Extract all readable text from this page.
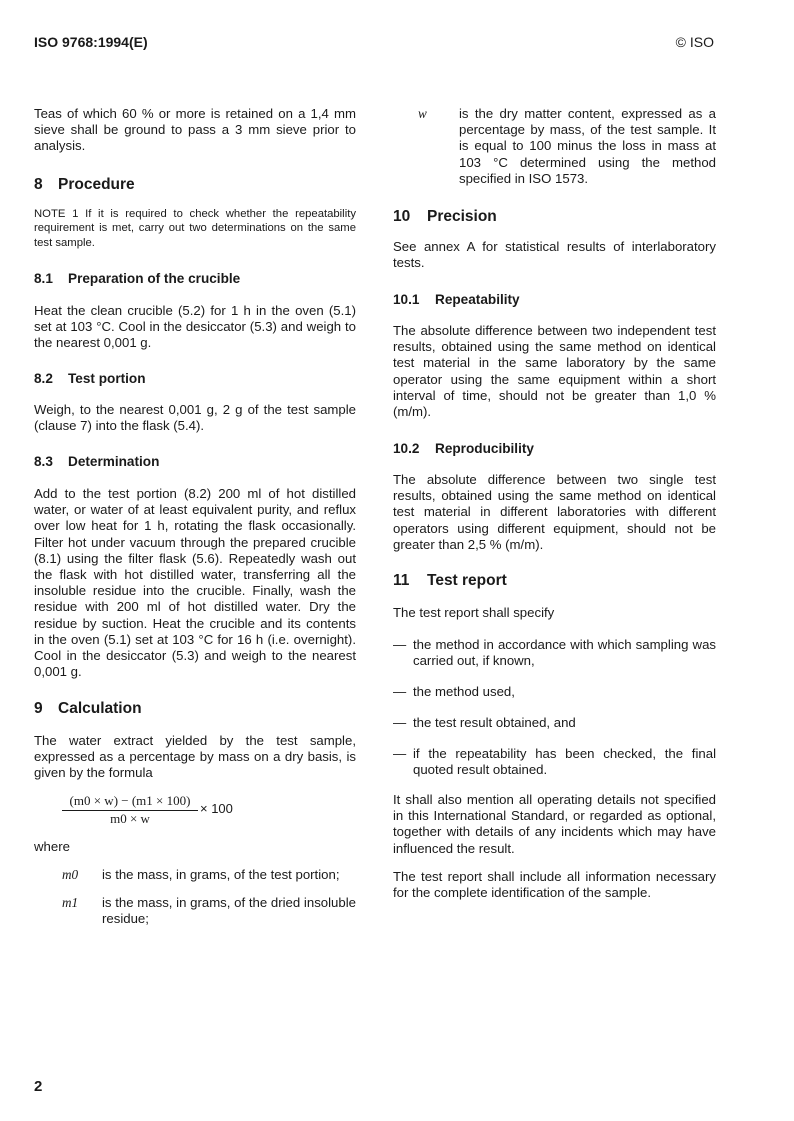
ISO 9768:1994(E)	© ISO

Teas of which 60 % or more is retained on a 1,4 mm sieve shall be ground to pass a 3 mm sieve prior to analysis.

8 Procedure

NOTE 1 If it is required to check whether the repeatability requirement is met, carry out two determinations on the same test sample.

8.1 Preparation of the crucible

Heat the clean crucible (5.2) for 1 h in the oven (5.1) set at 103 °C. Cool in the desiccator (5.3) and weigh to the nearest 0,001 g.

8.2 Test portion

Weigh, to the nearest 0,001 g, 2 g of the test sample (clause 7) into the flask (5.4).

8.3 Determination

Add to the test portion (8.2) 200 ml of hot distilled water, or water of at least equivalent purity, and reflux over low heat for 1 h, rotating the flask occasionally. Filter hot under vacuum through the prepared crucible (8.1) using the filter flask (5.6). Repeatedly wash out the flask with hot distilled water, transferring all the insoluble residue into the crucible. Finally, wash the residue with 200 ml of hot distilled water. Dry the residue by suction. Heat the crucible and its contents in the oven (5.1) set at 103 °C for 16 h (i.e. overnight). Cool in the desiccator (5.3) and weigh to the nearest 0,001 g.

9 Calculation

The water extract yielded by the test sample, expressed as a percentage by mass on a dry basis, is given by the formula

(m0 × w) − (m1 × 100)
m0 × w
× 100
where
m0	is the mass, in grams, of the test portion;
m1	is the mass, in grams, of the dried insoluble residue;
w	is the dry matter content, expressed as a percentage by mass, of the test sample. It is equal to 100 minus the loss in mass at 103 °C determined using the method specified in ISO 1573.
10 Precision

See annex A for statistical results of interlaboratory tests.

10.1 Repeatability

The absolute difference between two independent test results, obtained using the same method on identical test material in the same laboratory by the same operator using the same equipment within a short interval of time, should not be greater than 1,0 % (m/m).

10.2 Reproducibility

The absolute difference between two single test results, obtained using the same method on identical test material in different laboratories with different operators using different equipment, should not be greater than 2,5 % (m/m).

11 Test report

The test report shall specify

— the method in accordance with which sampling was carried out, if known,
— the method used,
— the test result obtained, and
— if the repeatability has been checked, the final quoted result obtained.

It shall also mention all operating details not specified in this International Standard, or regarded as optional, together with details of any incidents which may have influenced the result.

The test report shall include all information necessary for the complete identification of the sample.

2
